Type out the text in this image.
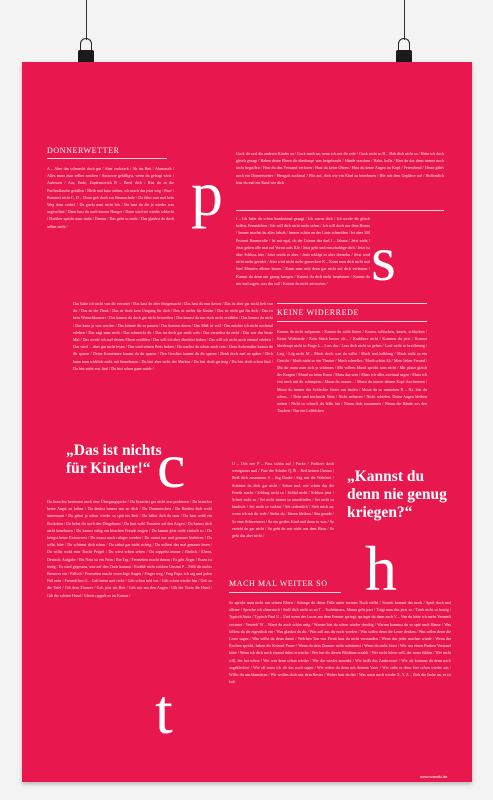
DONNERWETTER
A – Aber das schmeckt doch gut / Aber zackzack / Ab ins Bett / Abmarsch / Alles muss man selber machen / Antworte gefälligst, wenn du gefragt wirst / Aufessen / Aus, Ende, Zapfenstreich B – Beeil dich / Bist du in die Parfümflasche gefallen / Bleib mal kurz stehen, ich mach das jetzt weg / Brav / Bummel nicht C, D – Dann geh doch zur Baumschule / Da fährt nun mal kein Weg dran vorbei / Da guckt man nicht hin / Da hast du dir ja wieder was angewöhnt / Dann hast du auch keinen Hunger / Dann wird sie wieder schlecht / Darüber spricht man nicht / Darum / Das geht so nicht / Das glaubst du doch selber nicht /	p
Guck dir mal die anderen Kinder an / Guck mich an, wenn ich mit dir rede / Guck nicht so H – Hab dich nicht so / Habe ich doch gleich gesagt / Haben deine Eltern dir überhaupt was beigebracht / Hände waschen / Halte, holla / Hast du das denn immer noch nicht begriffen / Hast du den Verstand verloren / Hast du keine Ohren / Hast du keine Augen im Kopf / Feierabend / Heute gibt's noch ein Donnerwetter / Herrgott nochmal / Hör auf, dich wie ein Kind zu benehmen / Hör mit dem Geplärre auf / Hoffentlich hast du mal ein Kind wie dich
I – Ich habe dir schon hundertmal gesagt / Ich warne dich / Ich werde dir gleich helfen, Freundchen / Ich will dich nicht mehr sehen / Ich will doch nur dein Bestes / Immer machst du alles falsch / Immer schön an der Linie schneiden / Ist aber 100 Prozent Baumwolle / Ist mir egal, ob der Litmus das darf J – Jahaaa / Jetzt nicht / Jetzt gehen alle mal auf Vorrat aufs Klo / Jetzt geht und entschuldige dich / Jetzt ist aber Schluss hier / Jetzt reicht es aber / Jetzt schlägt es aber dreizehn / Jetzt wird nicht mehr geredet / Jetzt wird nicht mehr gemeckert K – Kann man dich nicht mal fünf Minuten alleine lassen / Kann man sich denn gar nicht auf dich verlassen / Kannst du denn nie genug kriegen / Kannst du dich nicht benehmen / Kannst du mir mal sagen, was das soll / Kannst du nicht antworten / s
Das hätte ich nicht von dir erwartet / Das hast du aber feingemacht / Das hast du nun davon / Das ist aber gar nicht lieb von dir / Das ist der Dank / Das ist doch kein Umgang für dich / Das ist nichts für Kinder / Das ist nicht gut für dich / Das ist kein Wunschkonzert / Das kannst du doch gar nicht beurteilen / Das kannst du nur doch nicht erzählen / Das kannst du nicht / Das kann ja was werden / Das könnte dir so passen / Das kommt davon / Das Maß ist voll / Das möchte ich nicht nochmal erleben / Das sagt man nicht / Das schmeckt dir / Das tut doch gar nicht weh / Das verstehst du nicht / Das war das letzte Mal / Das werde ich mal deinen Eltern erzählen / Das will ich aber überhört haben / Das will ich nicht noch einmal erleben / Das wird ... aber gar nicht lesen / Das wird seinen Preis haben / Da wachst du schon noch rein / Dem Aufwenden kannst du dir sparen / Deine Komentare kannst du dir sparen / Den Geschirr kannst du dir sparen / Denk doch mal an später / Dich kann man wirklich nicht mit hinnehmen / Du bist aber nicht der Markus / Du bist doch gerissig / Du bist doch schon fünf / Du bist nicht erst fünf / Du bist schon ganz müde /
KEINE WIDERREDE
Kannst du nicht aufpassen / Kannst du nicht hören / Kauen, schlucken, kauen, schlucken / Keine Widerrede / Kein Stück besser als... / Knabbere nicht / Kommst du jetzt / Kommt überhaupt nicht in Frage L – Lass das / Lass dich nicht so gehen / Lauf nicht so breitbeinig / Lieg / Lüg nicht M – Mach doch, was du willst / Mach mal halblang / Mach nicht so ein Gesicht / Mach nicht so ein Theater / Mach schneller / Mach schön Ah / Mein lieber Freund / Mit dir muss man sich ja schämen / Mit vollem Mund spricht man nicht / Mir platzt gleich der Kragen / Mund zu beim Essen / Muss das sein / Muss ich alles zweimal sagen / Muss ich erst noch mit dir schimpfen / Musst du immer... / Musst du immer deinen Kopf durchsetzen / Musst du immer das Schlechte hinter uns laufen / Musst du so rumtoben N – Na, bist du schon... / Nein und nochmals Nein / Nicht anfassen / Nicht schielen. Deine Augen bleiben stehen / Nicht so schnell, du fällst hin / Nimm dich zusammen / Nimm die Hände aus den Taschen / Nur ein Löffelchen
„Das ist nichts für Kinder!“ c	O – Och nee P – Pass schön auf / Pocke / Probiere doch wenigstens mal / Putz die Schuhe Q, R – Red keinen Unsinn / Reiß dich zusammen S – Sag Danke / Sag mir die Wahrheit / Schämst du dich gar nicht / Schau mal, wie schön das die Frieda macht / Schling nicht so / Schlaf nicht / Schluss jetzt / Schrei nicht so / Sei nicht immer so unzufrieden / Sei nicht so kindisch / Sei nicht so vorlaut / Sei ordentlich / Sieh mich an, wenn ich mit dir rede / Siehst du / Sitzen bleiben / Sitz gerade / So eine Schweinerei / So ein großes Kind und dann so was / So erzieht du gar nicht / So geht du mir nicht aus dem Haus / So geht das aber nicht /
„Kannst du denn nie genug kriegen?“
Du brauchst bestimmt noch eine Übergangsjacke / Du brauchst gar nicht erst probieren / Du brauchst keine Angst zu haben / Du denkst immer nur an dich / Du Dummerchen / Du Biedest dich wohl interessant / Du gehst ja schon wieder so spät ins Bett / Du hältst dich da raus / Du hast wohl ein Bockchen / Du hebst dir noch den Dingsbums / Du hast wohl Tomaten auf den Augen / Du kannst dich nicht benehmen / Du kannst ruhig ein bisschen Freude zeigen / Du kannst jetzt nicht einfach so / Du kriegst keine Extrawurst / Du musst noch ruhiger werden / Du musst nur mal genauer hinhören / Du sollst bitte / Du schämst dich schon / Du siehst gar nicht richtig / Du solltest das mal genauer lesen / Du willst wohl eine Tracht Prügel / Du wirst schon sehen / Du zappelst immer / Ehrlich / Eltern, Deutsch, Aufgabe / Ein Nein ist ein Nein / Ein Tag / Fernsehen macht dumm / Es gibt Ärger / Essen ist fertig / Es wird gegessen, was auf den Tisch kommt / Erzählt nicht solchen Unsinn F – Fällt dir nichts Besseres ein / Fallsch / Fernsehen macht viereckige Augen / Finger weg / Frag Papa, ich sag und jeden Fall nein / Freundchen G – Geh beten und recht / Geh schon mal vor / Geh schon wieder hin / Geh an die Tafel / Gib dem Zimmer / Geh jetzt ins Bett / Geh mir aus den Augen / Gib der Tante die Hand / Gib die schöne Hand / Gleich rappelt es im Karton /	h
MACH MAL WEITER SO
So spricht man nicht mit seinen Eltern / Solange du deine Füße unter meinen Tisch stellst / Soweit kommt das noch / Spiel doch mal alleine / Spreche ich chinesisch / Stell dich nicht so an T – Tschüüsssss, Mama geht jetzt / Trägt man das jetzt so / Trink nicht so hastig / Typisch Anita / Typisch Paul U – Und wenn der Lucas aus dem Fenster springt, springst du dann auch V – Van du hätte ich mehr Vernunft erwartet / Verzieh' W – Warst du auch schön artig / Warum bist du schon wieder dreckig / Warum kommst du so spät nach Hause / Was bildest du dir eigentlich ein / Was glaubst du dir / Was soll aus dir noch werden / Was sollen denn die Leute denken / Was sollen denn die Leute sagen / Was willst du denn damit / Welchen Ton von Pietät hast du nicht verstanden / Wenn das jeder machen würde / Wenn der Kochen spricht, haben die Krümel Pause / Wenn du dein Zimmer nicht aufräumst / Wenn du nicht hörst / Wer nur einen Funken Verstand hätte / Wenn ich dich noch einmal dabei erwische / Wer hat dir diesen Blödsinn erzählt / Wer nicht hören will, der muss fühlen / Wer nicht will, der hat schon / Wer war denn schon wieder / Wie die wieder aussieht / Wie heißt das Zauberwort / Wie oft kommst du denn noch angekleckert / Wie oft muss ich dir das noch sagen / Wie redest du denn mit deinem Vater / Wie sieht es denn hier schon wieder aus / Willst du uns blamieren / Wir wollen doch nur dein Bestes / Woher hast du das / Was sonst noch wieder X, Y, Z – Zieh die Jacke an, es ist kalt
t
www.wamiki.de
